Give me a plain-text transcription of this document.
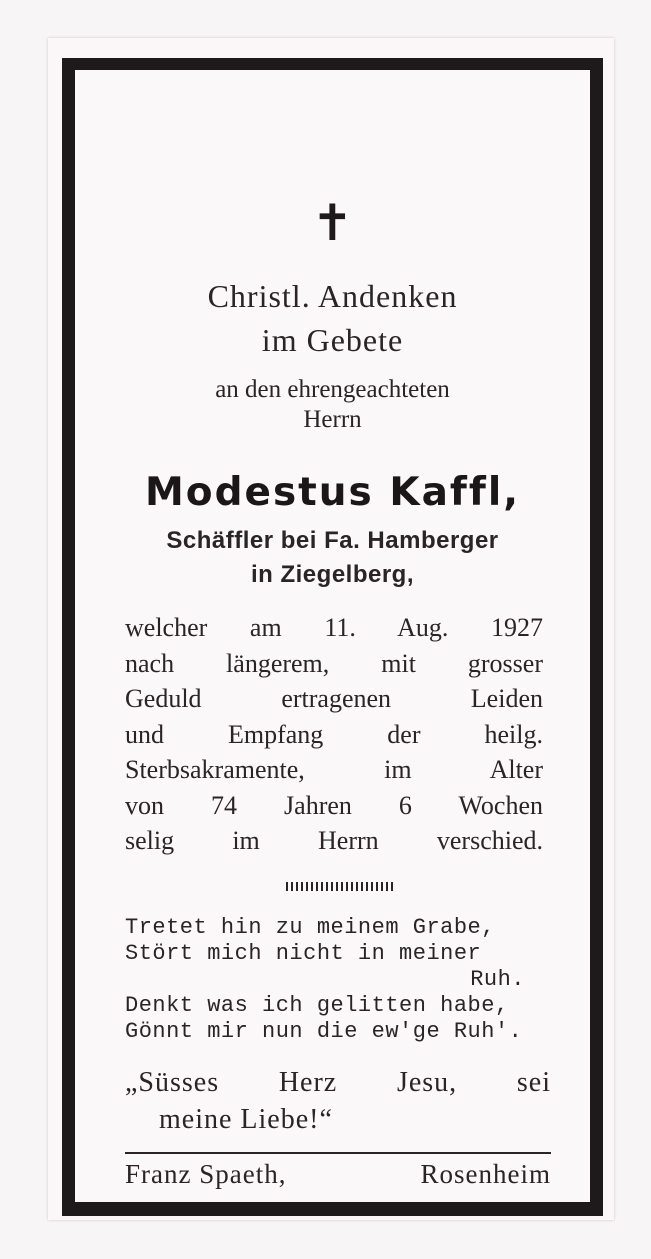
✝
Christl. Andenken
im Gebete
an den ehrengeachteten
Herrn
Modestus Kaffl,
Schäffler bei Fa. Hamberger
in Ziegelberg,
welcher am 11. Aug. 1927
nach längerem, mit grosser
Geduld ertragenen Leiden
und Empfang der heilg.
Sterbsakramente, im Alter
von 74 Jahren 6 Wochen
selig im Herrn verschied.
Tretet hin zu meinem Grabe,
Stört mich nicht in meiner
Ruh.
Denkt was ich gelitten habe,
Gönnt mir nun die ew'ge Ruh'.
„Süsses Herz Jesu, sei
meine Liebe!“
Franz Spaeth,	Rosenheim
